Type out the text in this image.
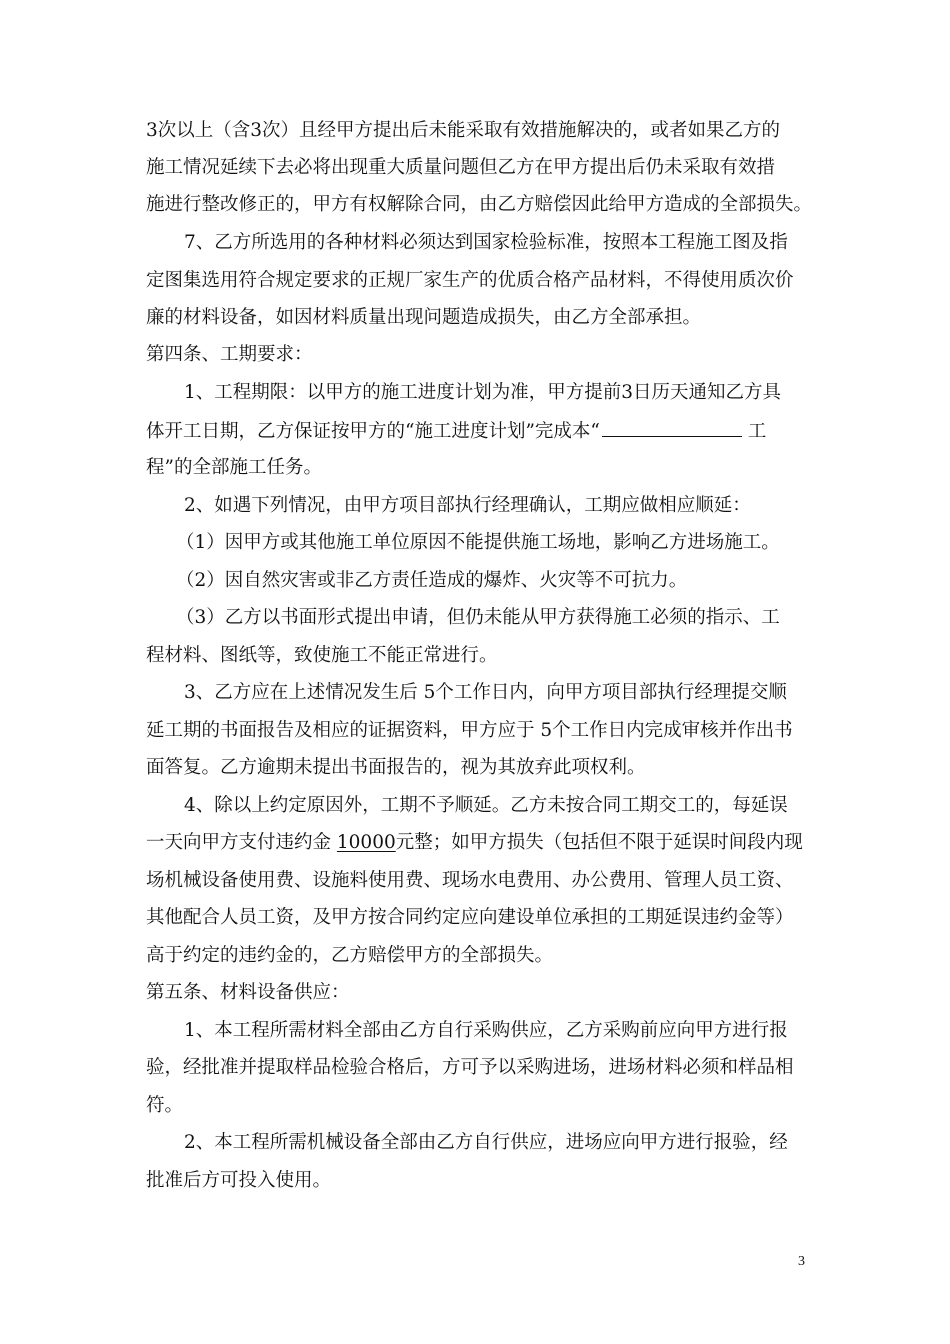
3次以上（含3次）且经甲方提出后未能采取有效措施解决的，或者如果乙方的
施工情况延续下去必将出现重大质量问题但乙方在甲方提出后仍未采取有效措
施进行整改修正的，甲方有权解除合同，由乙方赔偿因此给甲方造成的全部损失。
7、乙方所选用的各种材料必须达到国家检验标准，按照本工程施工图及指
定图集选用符合规定要求的正规厂家生产的优质合格产品材料，不得使用质次价
廉的材料设备，如因材料质量出现问题造成损失，由乙方全部承担。
第四条、工期要求：
1、工程期限：以甲方的施工进度计划为准，甲方提前3日历天通知乙方具
体开工日期，乙方保证按甲方的“施工进度计划”完成本“	工
程”的全部施工任务。
2、如遇下列情况，由甲方项目部执行经理确认，工期应做相应顺延：
（1）因甲方或其他施工单位原因不能提供施工场地，影响乙方进场施工。
（2）因自然灾害或非乙方责任造成的爆炸、火灾等不可抗力。
（3）乙方以书面形式提出申请，但仍未能从甲方获得施工必须的指示、工
程材料、图纸等，致使施工不能正常进行。
3、乙方应在上述情况发生后 5个工作日内，向甲方项目部执行经理提交顺
延工期的书面报告及相应的证据资料，甲方应于 5个工作日内完成审核并作出书
面答复。乙方逾期未提出书面报告的，视为其放弃此项权利。
4、除以上约定原因外，工期不予顺延。乙方未按合同工期交工的，每延误
一天向甲方支付违约金 10000元整；如甲方损失（包括但不限于延误时间段内现
场机械设备使用费、设施料使用费、现场水电费用、办公费用、管理人员工资、
其他配合人员工资，及甲方按合同约定应向建设单位承担的工期延误违约金等）
高于约定的违约金的，乙方赔偿甲方的全部损失。
第五条、材料设备供应：
1、本工程所需材料全部由乙方自行采购供应，乙方采购前应向甲方进行报
验，经批准并提取样品检验合格后，方可予以采购进场，进场材料必须和样品相
符。
2、本工程所需机械设备全部由乙方自行供应，进场应向甲方进行报验，经
批准后方可投入使用。
3
